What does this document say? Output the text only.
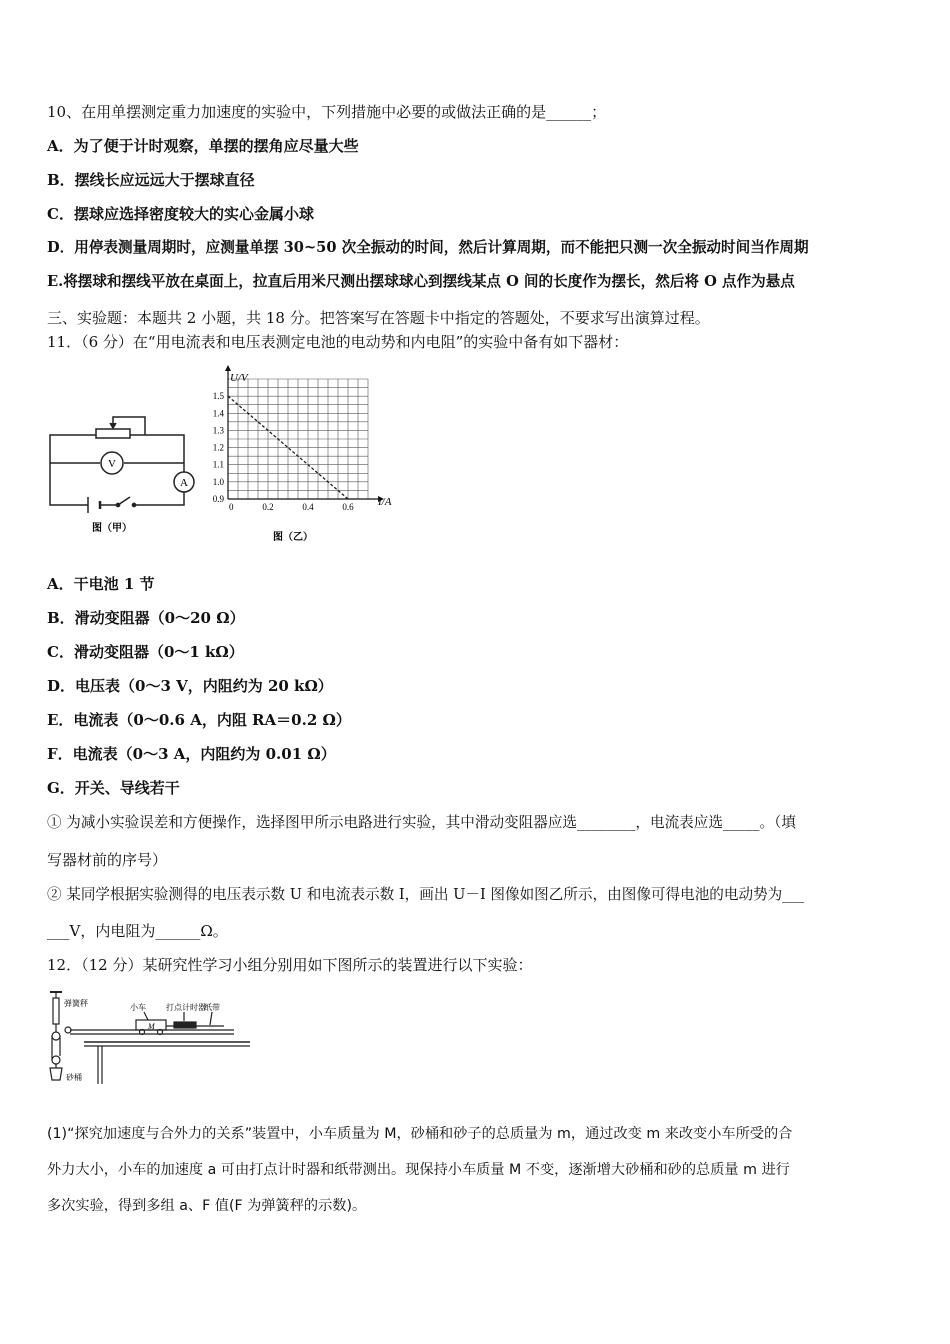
10、在用单摆测定重力加速度的实验中，下列措施中必要的或做法正确的是______；
A．为了便于计时观察，单摆的摆角应尽量大些
B．摆线长应远远大于摆球直径
C．摆球应选择密度较大的实心金属小球
D．用停表测量周期时，应测量单摆 30~50 次全振动的时间，然后计算周期，而不能把只测一次全振动时间当作周期
E.将摆球和摆线平放在桌面上，拉直后用米尺测出摆球球心到摆线某点 O 间的长度作为摆长，然后将 O 点作为悬点
三、实验题：本题共 2 小题，共 18 分。把答案写在答题卡中指定的答题处，不要求写出演算过程。
11．（6 分）在“用电流表和电压表测定电池的电动势和内电阻”的实验中备有如下器材：
V
A
图（甲）
0.9
1.0
1.1
1.2
1.3
1.4
1.5
0.2	0.4	0.6
0
U/V
I/A
图（乙）
A．干电池 1 节
B．滑动变阻器（0～20 Ω）
C．滑动变阻器（0～1 kΩ）
D．电压表（0～3 V，内阻约为 20 kΩ）
E．电流表（0～0.6 A，内阻 RA＝0.2 Ω）
F．电流表（0～3 A，内阻约为 0.01 Ω）
G．开关、导线若干
① 为减小实验误差和方便操作，选择图甲所示电路进行实验，其中滑动变阻器应选________，电流表应选_____。（填
写器材前的序号）
② 某同学根据实验测得的电压表示数 U 和电流表示数 I，画出 U－I 图像如图乙所示，由图像可得电池的电动势为___
___V，内电阻为______Ω。
12．（12 分）某研究性学习小组分别用如下图所示的装置进行以下实验：
弹簧秤	小车	打点计时器
纸带
M
砂桶
(1)“探究加速度与合外力的关系”装置中，小车质量为 M，砂桶和砂子的总质量为 m，通过改变 m 来改变小车所受的合
外力大小，小车的加速度 a 可由打点计时器和纸带测出。现保持小车质量 M 不变，逐渐增大砂桶和砂的总质量 m 进行
多次实验，得到多组 a、F 值(F 为弹簧秤的示数)。
